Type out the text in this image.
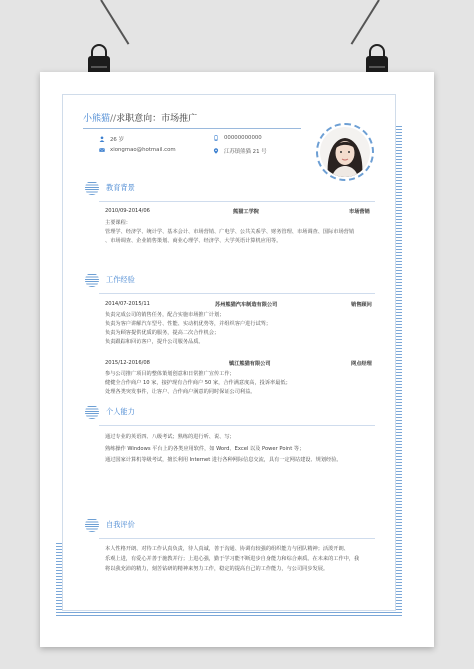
小熊猫//求职意向：市场推广
26 岁
xiongmao@hotmail.com
00000000000
江苏镇熊猫 21 号
教育背景
2010/09-2014/06	熊猫工学院	市场营销
主要课程：
管理学、经济学、统计学、基本会计、市场营销、广电学、公共关系学、财务管理、市场调查、国际市场营销
、市场调查、企业销售策划、商业心理学、经济学、大学英语计算机应用等。
工作经验
2014/07-2015/11	苏州熊猫汽车制造有限公司	销售顾问
负责完成公司的销售任务，配合实施市场推广计划；
负责为客户讲解汽车型号、性能、实动机优势等，并组织客户进行试驾；
负责为顾客提供优质的服务，提高二次合作机会；
负责跟踪和回访客户，提升公司服务品质。
2015/12-2016/08	镇江熊猫有限公司	网点经理
参与公司推广项目的整体策划创意和日常推广宣传工作；
健健全合作商户 10 家，接护现有合作商户 50 家，合作满意度高，投诉率最低；
处理各类突发事件，让客户、合作商户满意的同时保证公司利益。
个人能力
通过专业的英语四、八级考试；熟练的进行听、说、写；
熟练操作 Windows 平台上的各类应用软件，如 Word、Excel 以及 Power Point 等；
通过国家计算机等级考试，擅长利用 Internet 进行各种网际信息交流，具有一定网站建设、规划经验。
自我评价
本人性格开朗、对待工作认真负责，待人真诚，善于沟通、协调有较强的组织能力与团队精神；活泼开朗、
乐观上进，有爱心并善于施教并行；上进心强，勤于学习能不断进步自身能力和综合素质。在未来的工作中，我
将以我充沛的精力，刻苦钻研的精神来努力工作，稳定的提高自己的工作能力，与公司同步发展。
